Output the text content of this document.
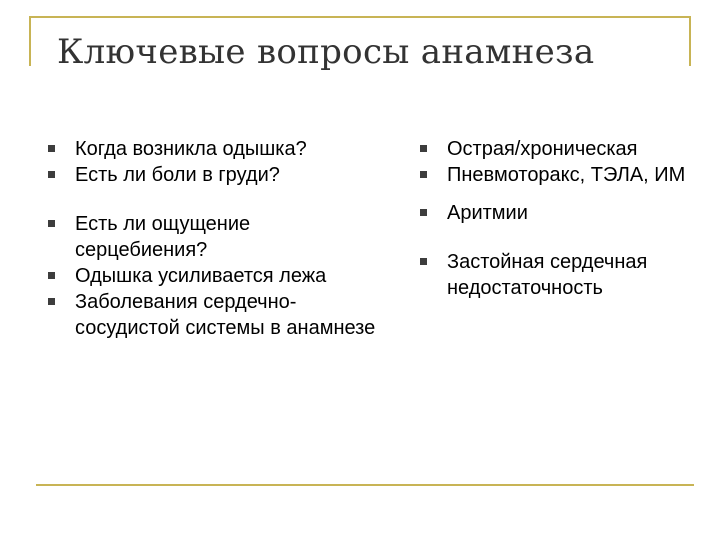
Ключевые вопросы анамнеза
Когда возникла одышка?
Есть ли боли в груди?
Есть ли ощущение серцебиения?
Одышка усиливается лежа
Заболевания сердечно-сосудистой системы в анамнезе
Острая/хроническая
Пневмоторакс, ТЭЛА, ИМ
Аритмии
Застойная сердечная недостаточность
